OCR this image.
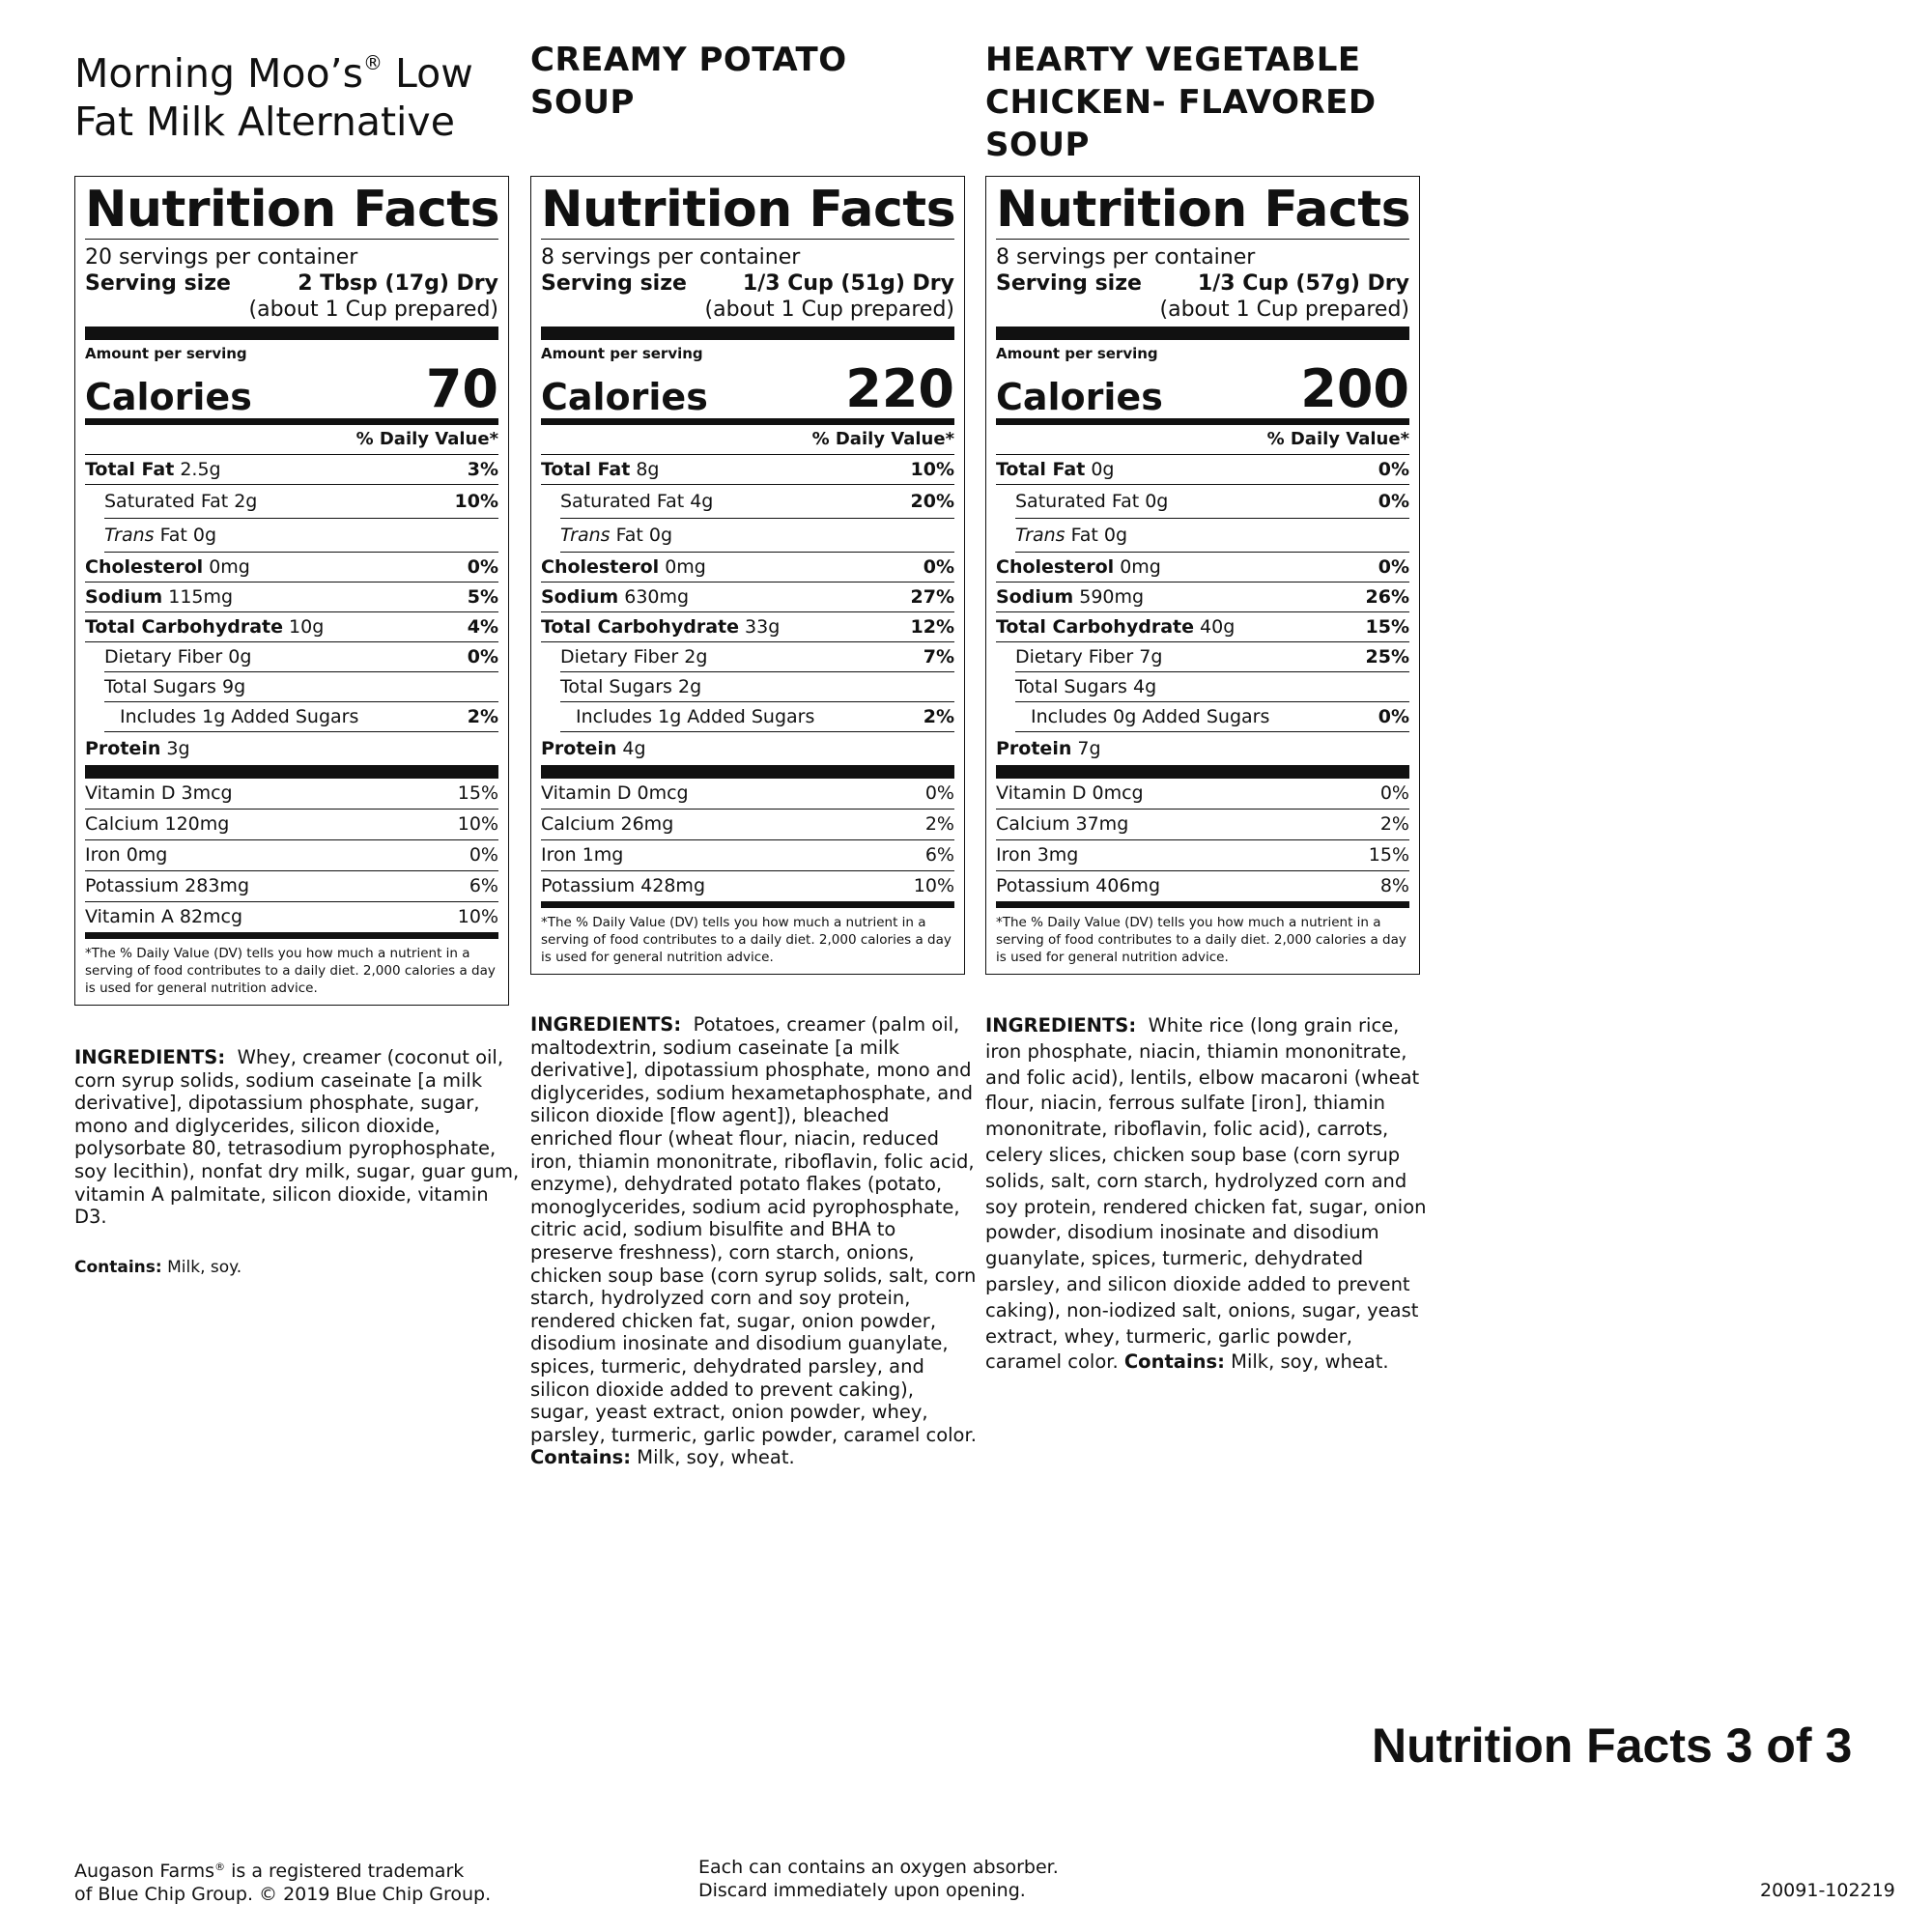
Morning Moo’s® Low Fat Milk Alternative
Nutrition Facts
20 servings per container
Serving size	2 Tbsp (17g) Dry
(about 1 Cup prepared)
Amount per serving
Calories	70
% Daily Value*
Total Fat 2.5g	3%
Saturated Fat 2g	10%
Trans Fat 0g
Cholesterol 0mg	0%
Sodium 115mg	5%
Total Carbohydrate 10g	4%
Dietary Fiber 0g	0%
Total Sugars 9g
Includes 1g Added Sugars	2%
Protein 3g
Vitamin D 3mcg	15%
Calcium 120mg	10%
Iron 0mg	0%
Potassium 283mg	6%
Vitamin A 82mcg	10%
*The % Daily Value (DV) tells you how much a nutrient in a serving of food contributes to a daily diet. 2,000 calories a day is used for general nutrition advice.
INGREDIENTS: Whey, creamer (coconut oil, corn syrup solids, sodium caseinate [a milk derivative], dipotassium phosphate, sugar, mono and diglycerides, silicon dioxide, polysorbate 80, tetrasodium pyrophosphate, soy lecithin), nonfat dry milk, sugar, guar gum, vitamin A palmitate, silicon dioxide, vitamin D3.
Contains: Milk, soy.
CREAMY POTATO SOUP
Nutrition Facts
8 servings per container
Serving size	1/3 Cup (51g) Dry
(about 1 Cup prepared)
Amount per serving
Calories	220
% Daily Value*
Total Fat 8g	10%
Saturated Fat 4g	20%
Trans Fat 0g
Cholesterol 0mg	0%
Sodium 630mg	27%
Total Carbohydrate 33g	12%
Dietary Fiber 2g	7%
Total Sugars 2g
Includes 1g Added Sugars	2%
Protein 4g
Vitamin D 0mcg	0%
Calcium 26mg	2%
Iron 1mg	6%
Potassium 428mg	10%
*The % Daily Value (DV) tells you how much a nutrient in a serving of food contributes to a daily diet. 2,000 calories a day is used for general nutrition advice.
INGREDIENTS: Potatoes, creamer (palm oil, maltodextrin, sodium caseinate [a milk derivative], dipotassium phosphate, mono and diglycerides, sodium hexametaphosphate, and silicon dioxide [flow agent]), bleached enriched flour (wheat flour, niacin, reduced iron, thiamin mononitrate, riboflavin, folic acid, enzyme), dehydrated potato flakes (potato, monoglycerides, sodium acid pyrophosphate, citric acid, sodium bisulfite and BHA to preserve freshness), corn starch, onions, chicken soup base (corn syrup solids, salt, corn starch, hydrolyzed corn and soy protein, rendered chicken fat, sugar, onion powder, disodium inosinate and disodium guanylate, spices, turmeric, dehydrated parsley, and silicon dioxide added to prevent caking), sugar, yeast extract, onion powder, whey, parsley, turmeric, garlic powder, caramel color. Contains: Milk, soy, wheat.
HEARTY VEGETABLE CHICKEN- FLAVORED SOUP
Nutrition Facts
8 servings per container
Serving size	1/3 Cup (57g) Dry
(about 1 Cup prepared)
Amount per serving
Calories	200
% Daily Value*
Total Fat 0g	0%
Saturated Fat 0g	0%
Trans Fat 0g
Cholesterol 0mg	0%
Sodium 590mg	26%
Total Carbohydrate 40g	15%
Dietary Fiber 7g	25%
Total Sugars 4g
Includes 0g Added Sugars	0%
Protein 7g
Vitamin D 0mcg	0%
Calcium 37mg	2%
Iron 3mg	15%
Potassium 406mg	8%
*The % Daily Value (DV) tells you how much a nutrient in a serving of food contributes to a daily diet. 2,000 calories a day is used for general nutrition advice.
INGREDIENTS: White rice (long grain rice, iron phosphate, niacin, thiamin mononitrate, and folic acid), lentils, elbow macaroni (wheat flour, niacin, ferrous sulfate [iron], thiamin mononitrate, riboflavin, folic acid), carrots, celery slices, chicken soup base (corn syrup solids, salt, corn starch, hydrolyzed corn and soy protein, rendered chicken fat, sugar, onion powder, disodium inosinate and disodium guanylate, spices, turmeric, dehydrated parsley, and silicon dioxide added to prevent caking), non-iodized salt, onions, sugar, yeast extract, whey, turmeric, garlic powder, caramel color. Contains: Milk, soy, wheat.
Nutrition Facts 3 of 3
Augason Farms® is a registered trademark
of Blue Chip Group. © 2019 Blue Chip Group.
Each can contains an oxygen absorber.
Discard immediately upon opening.	20091-102219
